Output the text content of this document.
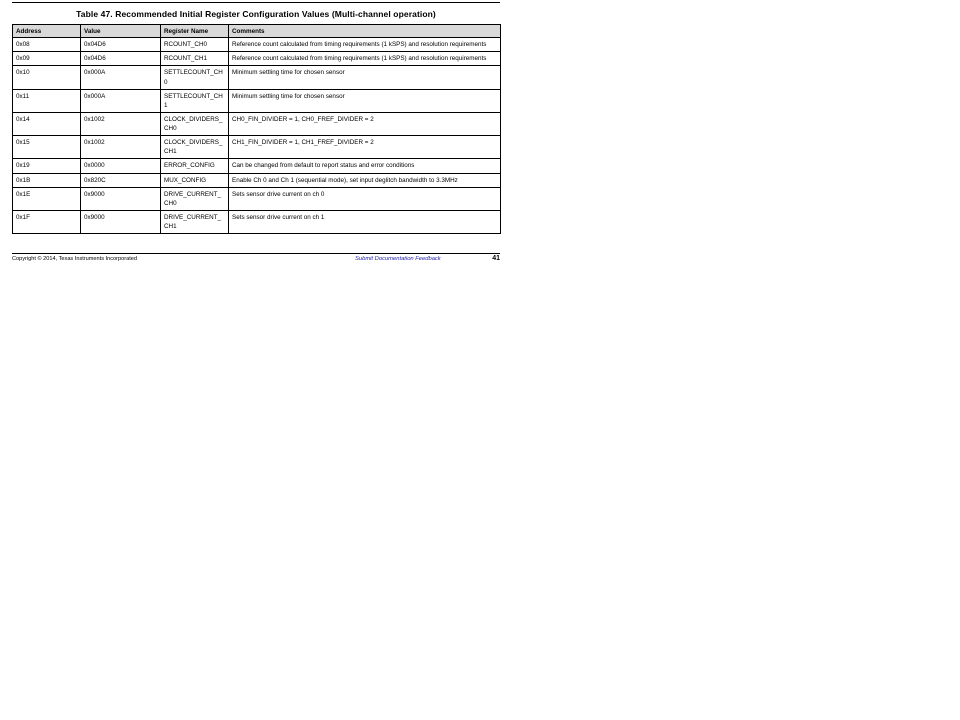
Table 47. Recommended Initial Register Configuration Values (Multi-channel operation)
Address	Value	Register Name	Comments
0x08	0x04D6	RCOUNT_CH0	Reference count calculated from timing requirements (1 kSPS) and resolution requirements
0x09	0x04D6	RCOUNT_CH1	Reference count calculated from timing requirements (1 kSPS) and resolution requirements
0x10	0x000A	SETTLECOUNT_CH0	Minimum settling time for chosen sensor
0x11	0x000A	SETTLECOUNT_CH1	Minimum settling time for chosen sensor
0x14	0x1002	CLOCK_DIVIDERS_CH0	CH0_FIN_DIVIDER = 1, CH0_FREF_DIVIDER = 2
0x15	0x1002	CLOCK_DIVIDERS_CH1	CH1_FIN_DIVIDER = 1, CH1_FREF_DIVIDER = 2
0x19	0x0000	ERROR_CONFIG	Can be changed from default to report status and error conditions
0x1B	0x820C	MUX_CONFIG	Enable Ch 0 and Ch 1 (sequential mode), set input deglitch bandwidth to 3.3MHz
0x1E	0x9000	DRIVE_CURRENT_CH0	Sets sensor drive current on ch 0
0x1F	0x9000	DRIVE_CURRENT_CH1	Sets sensor drive current on ch 1
Copyright © 2014, Texas Instruments Incorporated	Submit Documentation Feedback	41
